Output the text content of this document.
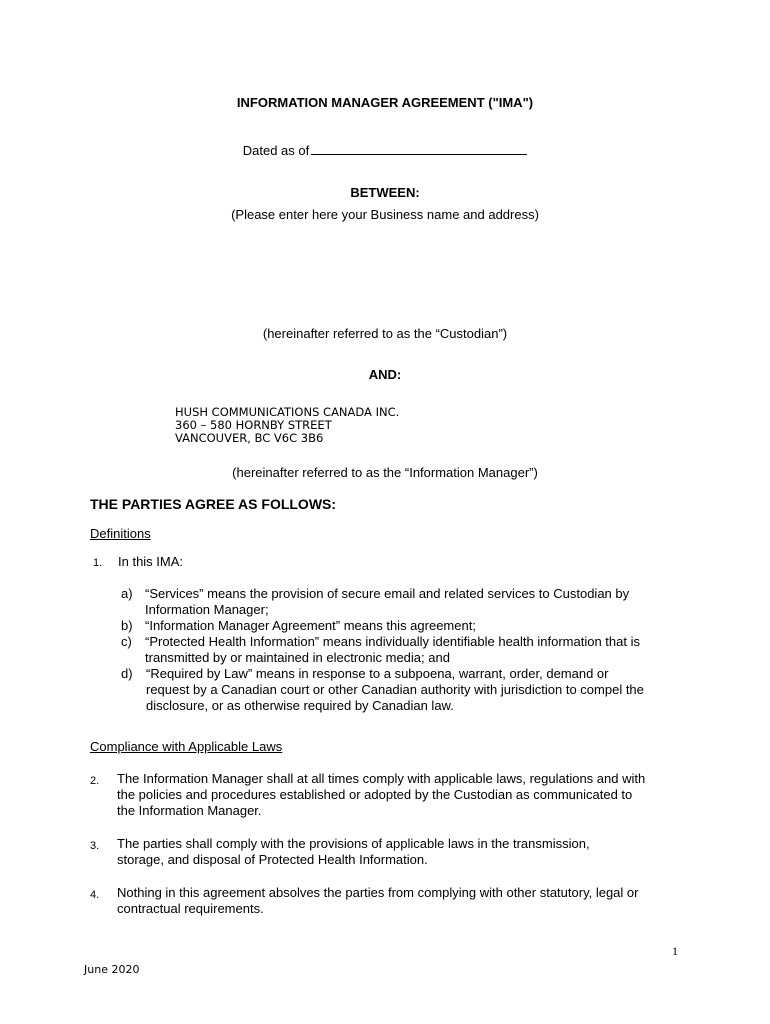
INFORMATION MANAGER AGREEMENT ("IMA")
Dated as of
BETWEEN:
(Please enter here your Business name and address)
(hereinafter referred to as the “Custodian”)
AND:
HUSH COMMUNICATIONS CANADA INC.
360 – 580 HORNBY STREET
VANCOUVER, BC V6C 3B6
(hereinafter referred to as the “Information Manager”)
THE PARTIES AGREE AS FOLLOWS:
Definitions
1. In this IMA:
a) “Services” means the provision of secure email and related services to Custodian by
Information Manager;
b) “Information Manager Agreement” means this agreement;
c)	“Protected Health Information” means individually identifiable health information that is
transmitted by or maintained in electronic media; and
d)	“Required by Law” means in response to a subpoena, warrant, order, demand or
request by a Canadian court or other Canadian authority with jurisdiction to compel the
disclosure, or as otherwise required by Canadian law.
Compliance with Applicable Laws
2. The Information Manager shall at all times comply with applicable laws, regulations and with
the policies and procedures established or adopted by the Custodian as communicated to
the Information Manager.
3. The parties shall comply with the provisions of applicable laws in the transmission,
storage, and disposal of Protected Health Information.
4. Nothing in this agreement absolves the parties from complying with other statutory, legal or
contractual requirements.
1
June 2020
